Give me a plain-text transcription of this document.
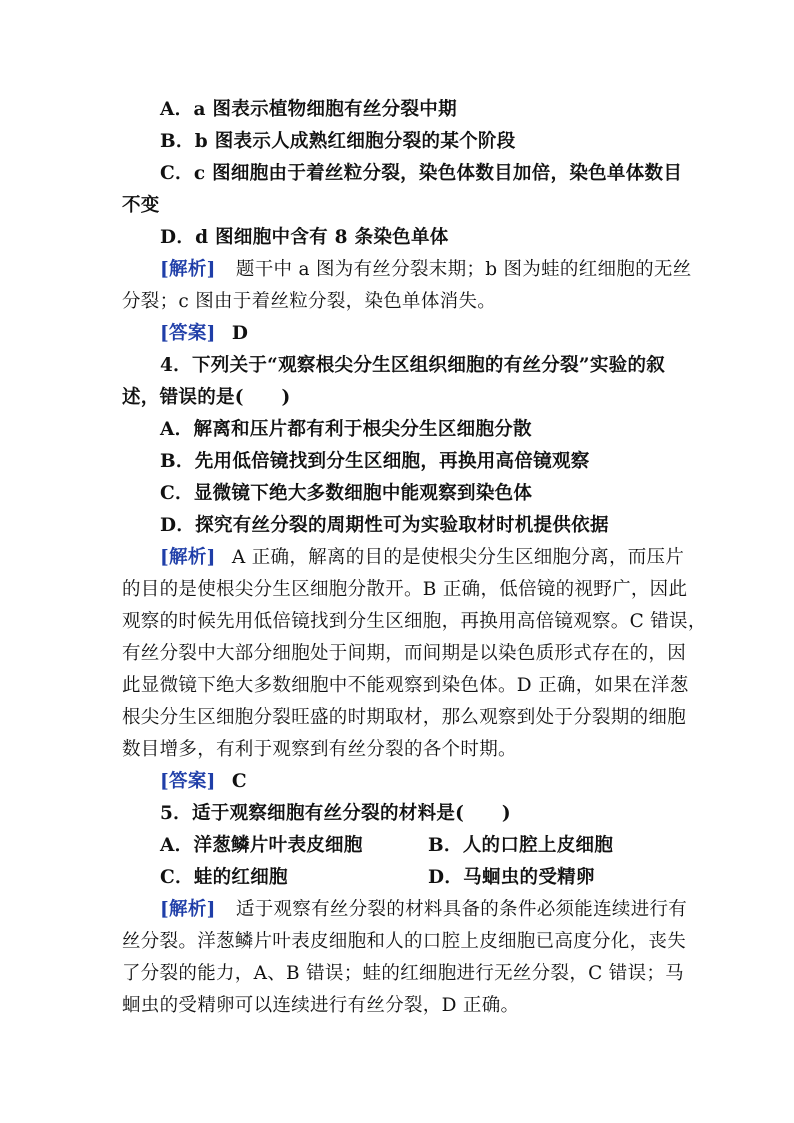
A．a 图表示植物细胞有丝分裂中期
B．b 图表示人成熟红细胞分裂的某个阶段
C．c 图细胞由于着丝粒分裂，染色体数目加倍，染色单体数目
不变
D．d 图细胞中含有 8 条染色单体
[解析] 题干中 a 图为有丝分裂末期；b 图为蛙的红细胞的无丝
分裂；c 图由于着丝粒分裂，染色单体消失。
[答案] D
4．下列关于“观察根尖分生区组织细胞的有丝分裂”实验的叙
述，错误的是(　　)
A．解离和压片都有利于根尖分生区细胞分散
B．先用低倍镜找到分生区细胞，再换用高倍镜观察
C．显微镜下绝大多数细胞中能观察到染色体
D．探究有丝分裂的周期性可为实验取材时机提供依据
[解析] A 正确，解离的目的是使根尖分生区细胞分离，而压片
的目的是使根尖分生区细胞分散开。B 正确，低倍镜的视野广，因此
观察的时候先用低倍镜找到分生区细胞，再换用高倍镜观察。C 错误，
有丝分裂中大部分细胞处于间期，而间期是以染色质形式存在的，因
此显微镜下绝大多数细胞中不能观察到染色体。D 正确，如果在洋葱
根尖分生区细胞分裂旺盛的时期取材，那么观察到处于分裂期的细胞
数目增多，有利于观察到有丝分裂的各个时期。
[答案] C
5．适于观察细胞有丝分裂的材料是(　　)
A．洋葱鳞片叶表皮细胞	B．人的口腔上皮细胞
C．蛙的红细胞	D．马蛔虫的受精卵
[解析] 适于观察有丝分裂的材料具备的条件必须能连续进行有
丝分裂。洋葱鳞片叶表皮细胞和人的口腔上皮细胞已高度分化，丧失
了分裂的能力，A、B 错误；蛙的红细胞进行无丝分裂，C 错误；马
蛔虫的受精卵可以连续进行有丝分裂，D 正确。
